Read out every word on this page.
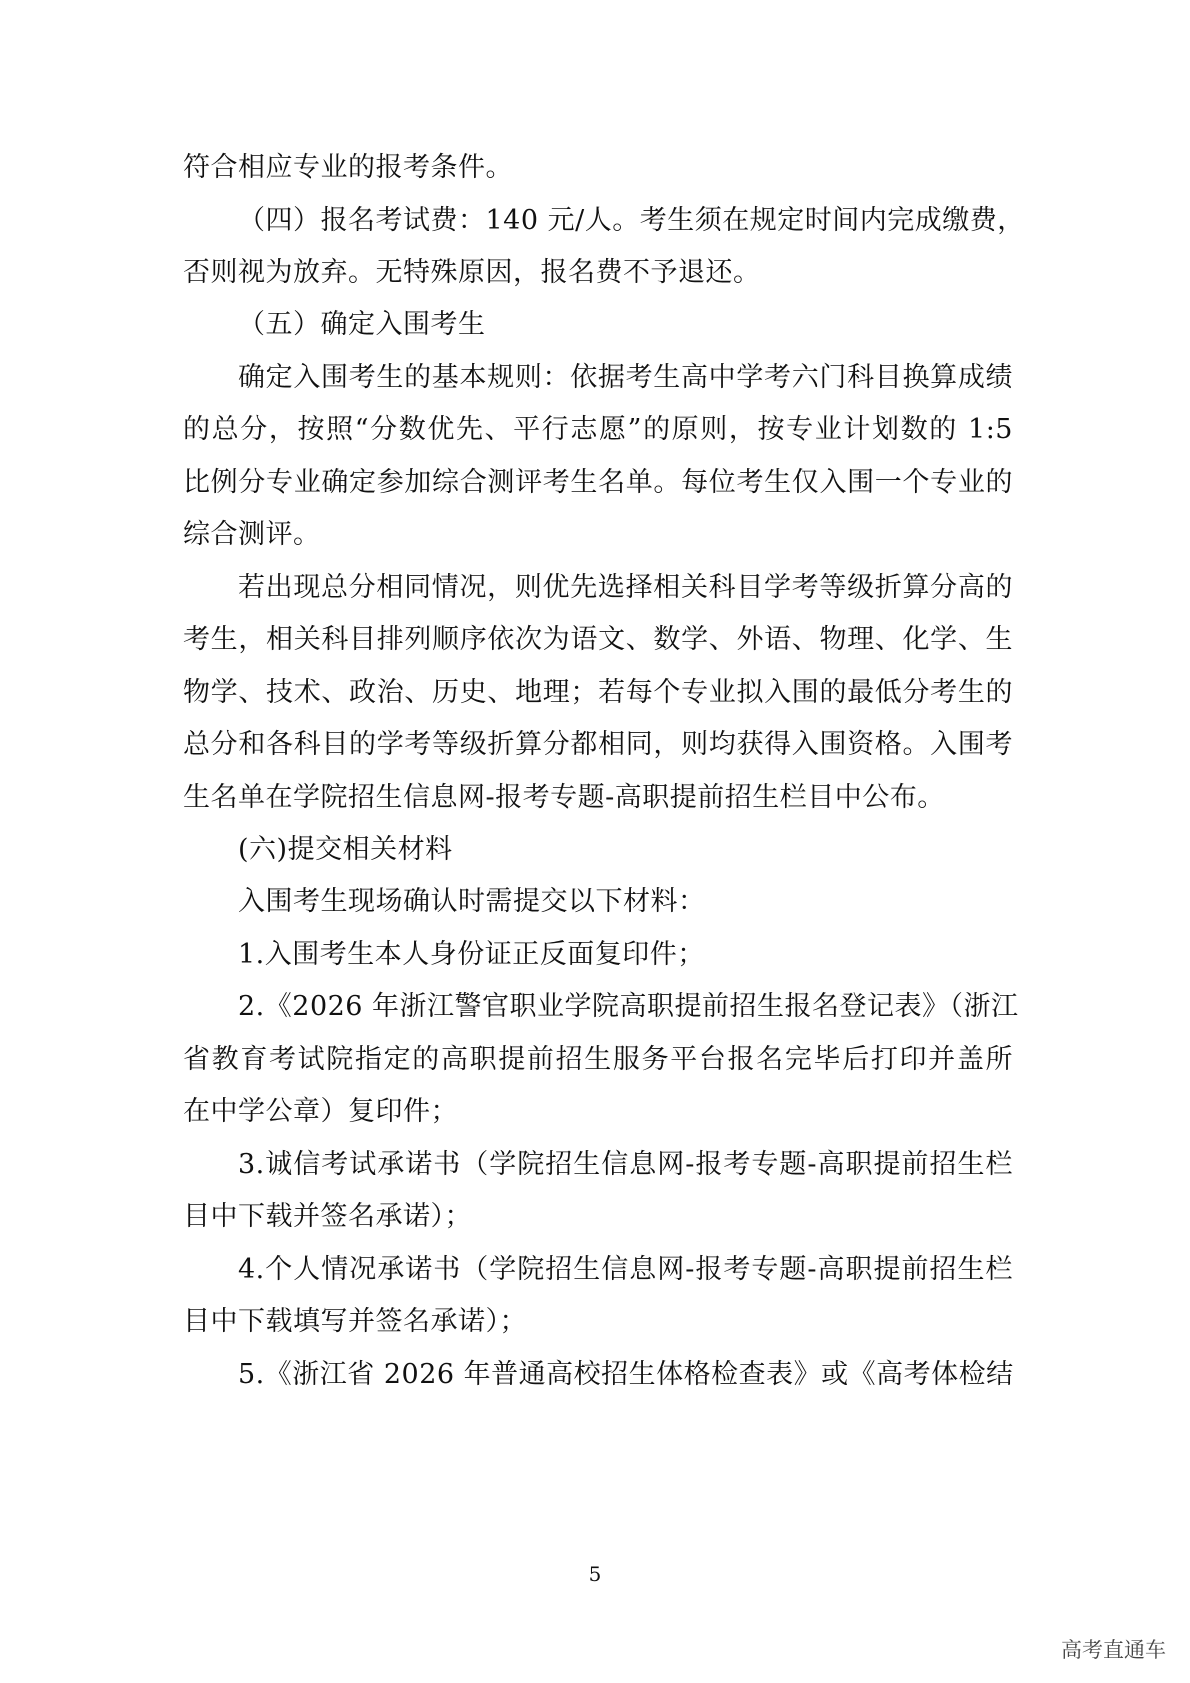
符合相应专业的报考条件。
（四）报名考试费：140 元/人。考生须在规定时间内完成缴费，
否则视为放弃。无特殊原因，报名费不予退还。
（五）确定入围考生
确定入围考生的基本规则：依据考生高中学考六门科目换算成绩
的总分，按照“分数优先、平行志愿”的原则，按专业计划数的 1:5
比例分专业确定参加综合测评考生名单。每位考生仅入围一个专业的
综合测评。
若出现总分相同情况，则优先选择相关科目学考等级折算分高的
考生，相关科目排列顺序依次为语文、数学、外语、物理、化学、生
物学、技术、政治、历史、地理；若每个专业拟入围的最低分考生的
总分和各科目的学考等级折算分都相同，则均获得入围资格。入围考
生名单在学院招生信息网-报考专题-高职提前招生栏目中公布。
(六)提交相关材料
入围考生现场确认时需提交以下材料：
1.入围考生本人身份证正反面复印件；
2.《2026 年浙江警官职业学院高职提前招生报名登记表》（浙江
省教育考试院指定的高职提前招生服务平台报名完毕后打印并盖所
在中学公章）复印件；
3.诚信考试承诺书（学院招生信息网-报考专题-高职提前招生栏
目中下载并签名承诺）；
4.个人情况承诺书（学院招生信息网-报考专题-高职提前招生栏
目中下载填写并签名承诺）；
5.《浙江省 2026 年普通高校招生体格检查表》或《高考体检结
5
高考直通车
